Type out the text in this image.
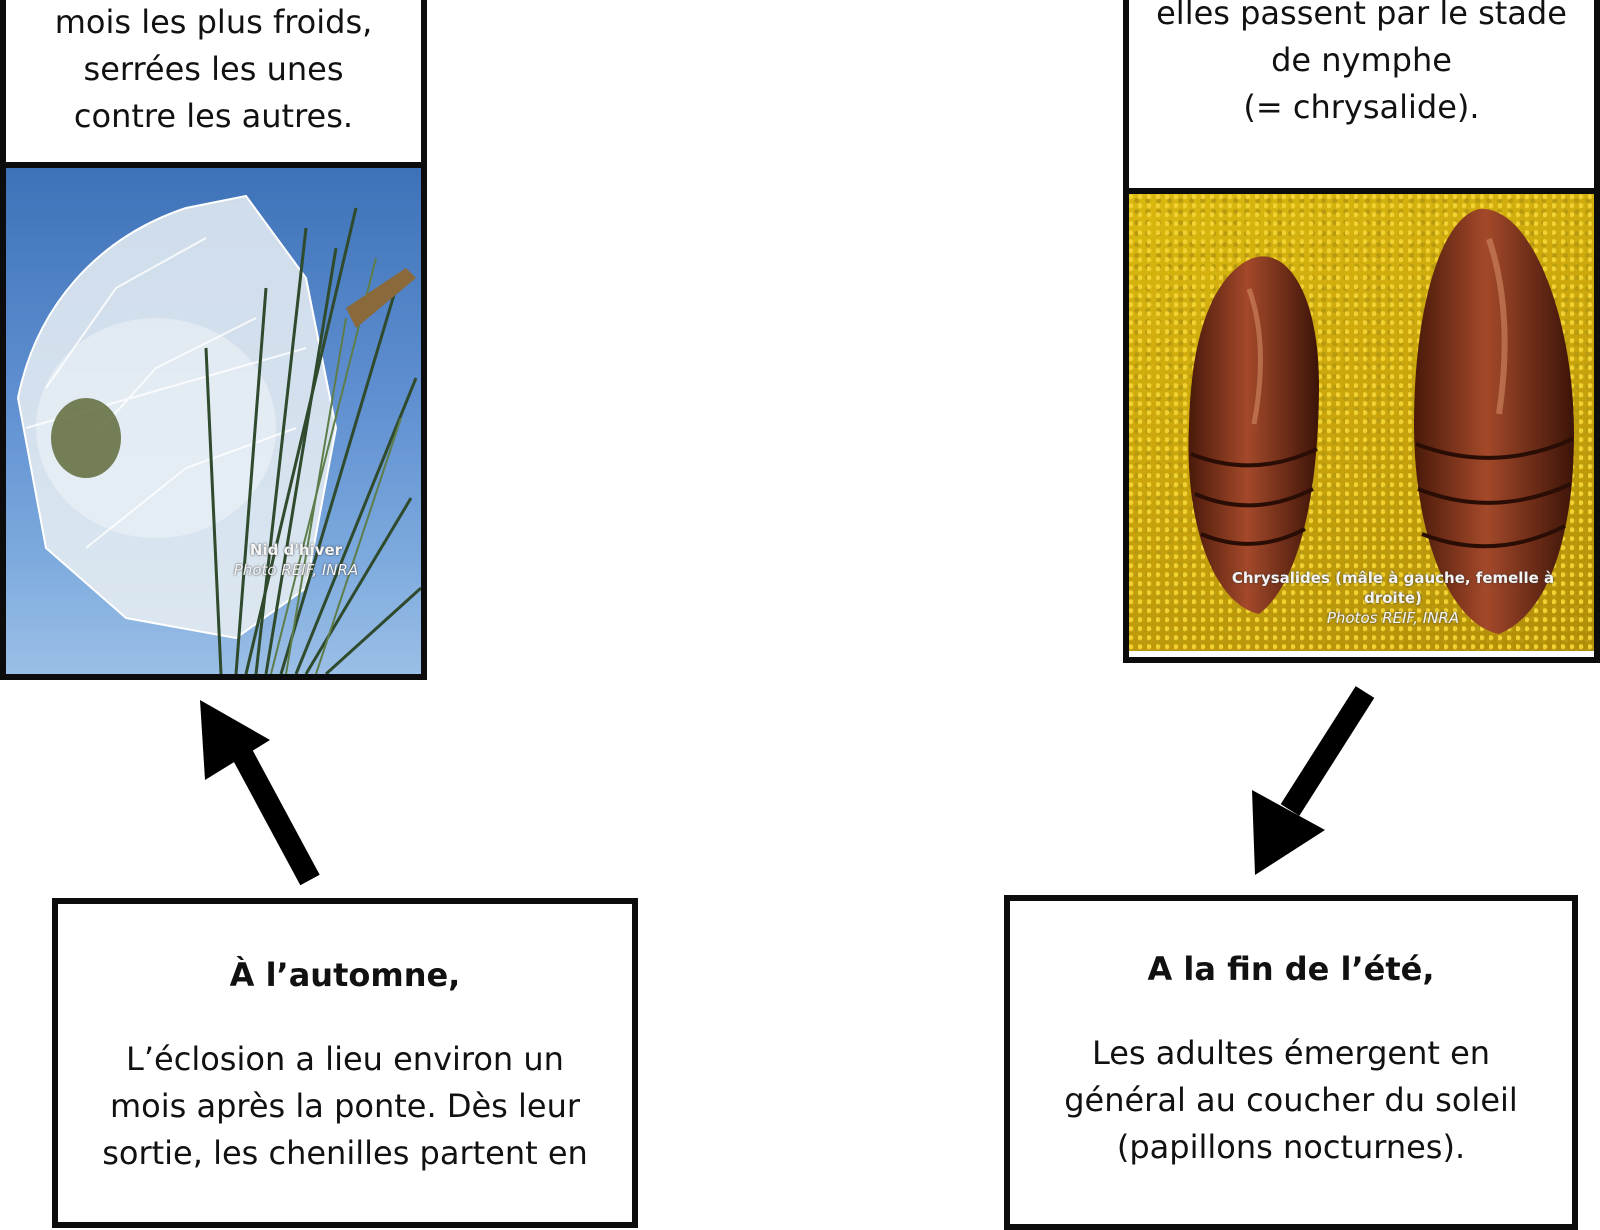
mois les plus froids,

serrées les unes

contre les autres.

Nid d'hiver
Photo REIF, INRA

elles passent par le stade

de nymphe

(= chrysalide).

Chrysalides (mâle à gauche, femelle à
droite)
Photos REIF, INRA

À l’automne,

L’éclosion a lieu environ un

mois après la ponte. Dès leur

sortie, les chenilles partent en

A la fin de l’été,

Les adultes émergent en

général au coucher du soleil

(papillons nocturnes).
